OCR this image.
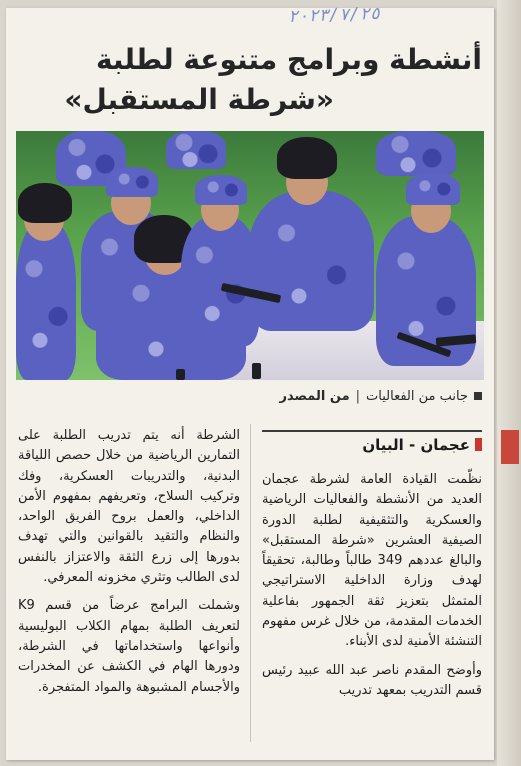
٢٠٢٣/٧/٢٥
أنشطة وبرامج متنوعة لطلبة
«شرطة المستقبل»
جانب من الفعاليات
|
من المصدر
عجمان - البيان

نظّمت القيادة العامة لشرطة عجمان العديد من الأنشطة والفعاليات الرياضية والعسكرية والتثقيفية لطلبة الدورة الصيفية العشرين «شرطة المستقبل» والبالغ عددهم 349 طالباً وطالبة، تحقيقاً لهدف وزارة الداخلية الاستراتيجي المتمثل بتعزيز ثقة الجمهور بفاعلية الخدمات المقدمة، من خلال غرس مفهوم التنشئة الأمنية لدى الأبناء.

وأوضح المقدم ناصر عبد الله عبيد رئيس قسم التدريب بمعهد تدريب

الشرطة أنه يتم تدريب الطلبة على التمارين الرياضية من خلال حصص اللياقة البدنية، والتدريبات العسكرية، وفك وتركيب السلاح، وتعريفهم بمفهوم الأمن الداخلي، والعمل بروح الفريق الواحد، والنظام والتقيد بالقوانين والتي تهدف بدورها إلى زرع الثقة والاعتزاز بالنفس لدى الطالب وتثري مخزونه المعرفي.

وشملت البرامج عرضاً من قسم K9 لتعريف الطلبة بمهام الكلاب البوليسية وأنواعها واستخداماتها في الشرطة، ودورها الهام في الكشف عن المخدرات والأجسام المشبوهة والمواد المتفجرة.
